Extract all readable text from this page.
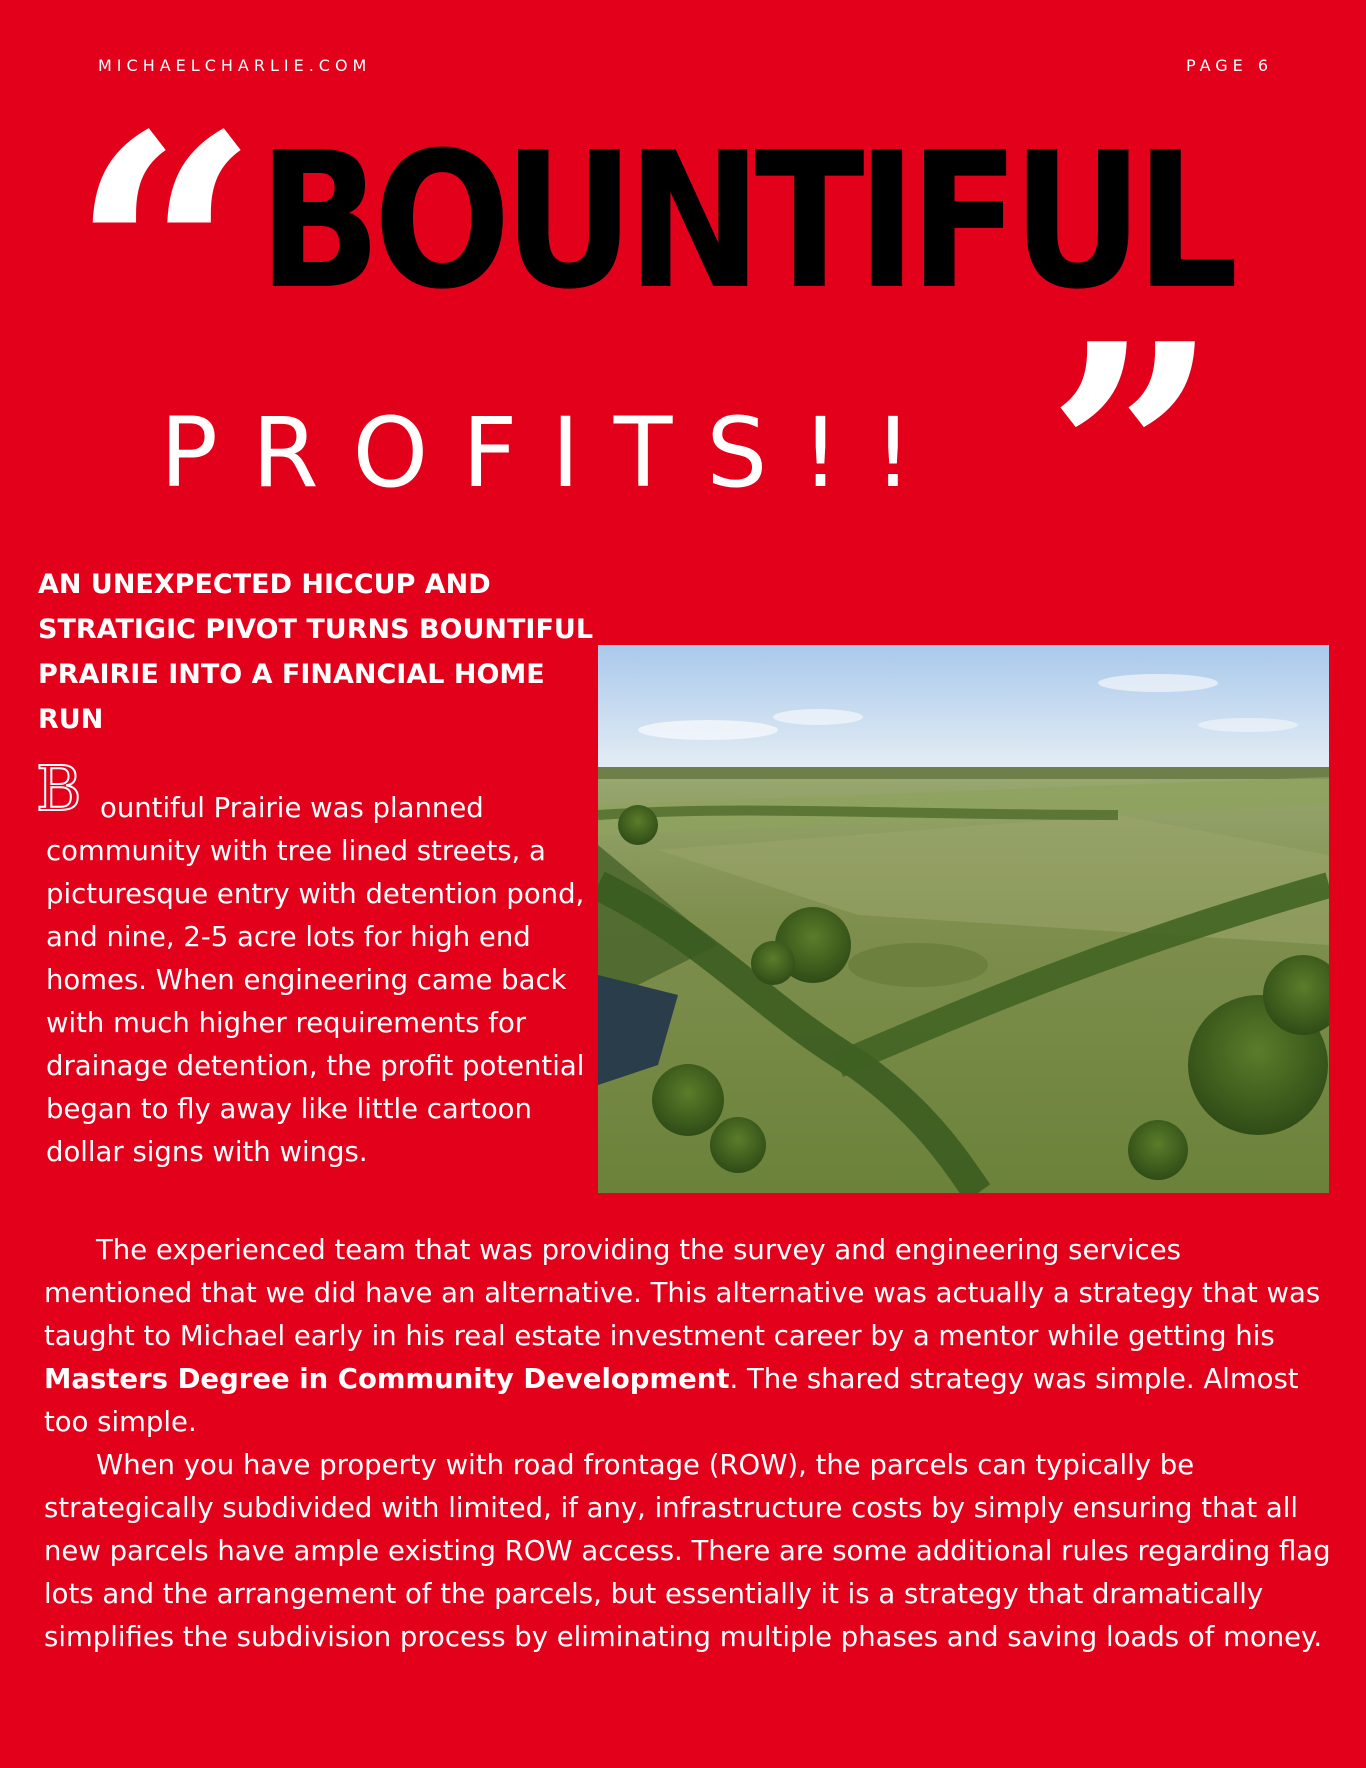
MICHAELCHARLIE.COM	PAGE 6
“ BOUNTIFUL
PROFITS!! ”
AN UNEXPECTED HICCUP AND STRATIGIC PIVOT TURNS BOUNTIFUL PRAIRIE INTO A FINANCIAL HOME RUN
B ountiful Prairie was planned community with tree lined streets, a picturesque entry with detention pond, and nine, 2-5 acre lots for high end homes. When engineering came back with much higher requirements for drainage detention, the profit potential began to fly away like little cartoon dollar signs with wings.

The experienced team that was providing the survey and engineering services mentioned that we did have an alternative. This alternative was actually a strategy that was taught to Michael early in his real estate investment career by a mentor while getting his Masters Degree in Community Development. The shared strategy was simple. Almost too simple.

When you have property with road frontage (ROW), the parcels can typically be strategically subdivided with limited, if any, infrastructure costs by simply ensuring that all new parcels have ample existing ROW access. There are some additional rules regarding flag lots and the arrangement of the parcels, but essentially it is a strategy that dramatically simplifies the subdivision process by eliminating multiple phases and saving loads of money.
